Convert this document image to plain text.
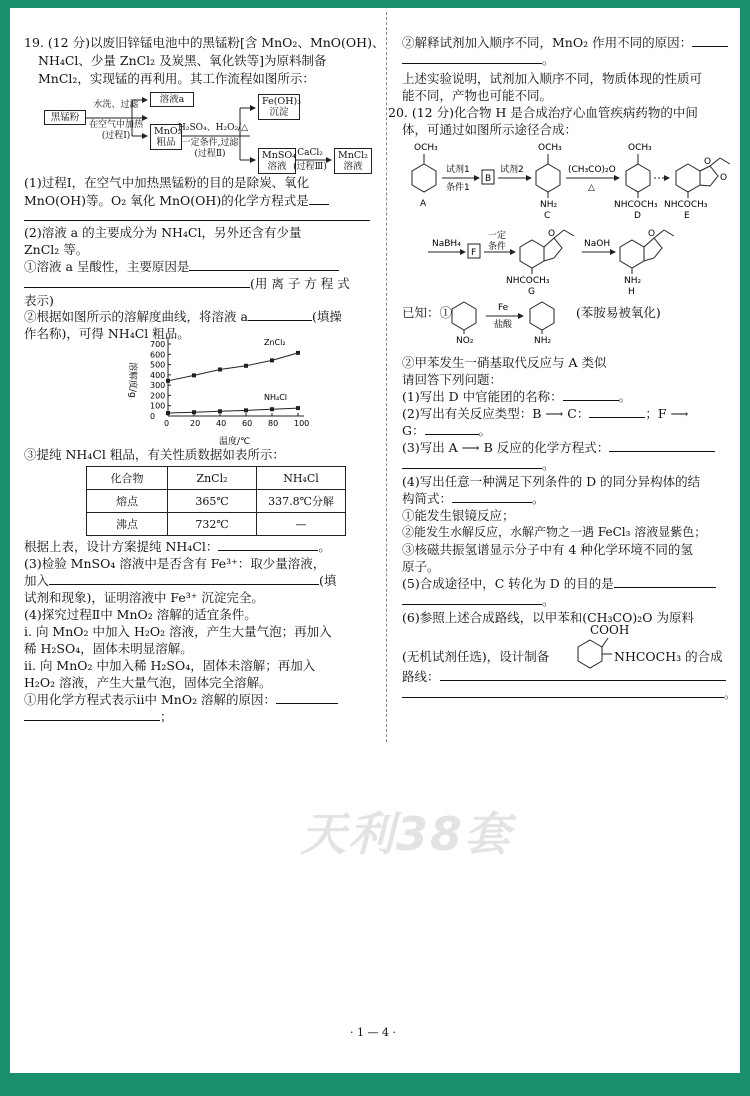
19. (12 分)以废旧锌锰电池中的黑锰粉[含 MnO₂、MnO(OH)、
NH₄Cl、少量 ZnCl₂ 及炭黑、氧化铁等]为原料制备
MnCl₂，实现锰的再利用。其工作流程如图所示：
黑锰粉
水洗、过滤
在空气中加热
(过程Ⅰ)
溶液a
MnO₂
粗品
H₂SO₄、H₂O₂/△
一定条件,过滤
(过程Ⅱ)
Fe(OH)₃
沉淀
MnSO₄
溶液
CaCl₂
(过程Ⅲ)
MnCl₂
溶液
(1)过程Ⅰ，在空气中加热黑锰粉的目的是除炭、氧化
MnO(OH)等。O₂ 氧化 MnO(OH)的化学方程式是
(2)溶液 a 的主要成分为 NH₄Cl，另外还含有少量
ZnCl₂ 等。
①溶液 a 呈酸性，主要原因是
(用 离 子 方 程 式
表示)
②根据如图所示的溶解度曲线，将溶液 a	(填操
作名称)，可得 NH₄Cl 粗品。
0	20 40 60 80 100
0
100
200
300
400
500
600
700	ZnCl₂
NH₄Cl
溶解度/g
温度/℃
③提纯 NH₄Cl 粗品，有关性质数据如表所示：
化合物	ZnCl₂	NH₄Cl
熔点	365℃	337.8℃分解
沸点	732℃	—
根据上表，设计方案提纯 NH₄Cl：	。
(3)检验 MnSO₄ 溶液中是否含有 Fe³⁺：取少量溶液，
加入	(填
试剂和现象)，证明溶液中 Fe³⁺ 沉淀完全。
(4)探究过程Ⅱ中 MnO₂ 溶解的适宜条件。
ⅰ. 向 MnO₂ 中加入 H₂O₂ 溶液，产生大量气泡；再加入
稀 H₂SO₄，固体未明显溶解。
ⅱ. 向 MnO₂ 中加入稀 H₂SO₄，固体未溶解；再加入
H₂O₂ 溶液，产生大量气泡，固体完全溶解。
①用化学方程式表示ⅱ中 MnO₂ 溶解的原因：
；
②解释试剂加入顺序不同，MnO₂ 作用不同的原因：
。
上述实验说明，试剂加入顺序不同，物质体现的性质可
能不同，产物也可能不同。
20. (12 分)化合物 H 是合成治疗心血管疾病药物的中间
体，可通过如图所示途径合成：
OCH₃
A
试剂1
条件1
B
试剂2
OCH₃
NH₂
C
(CH₃CO)₂O
△
OCH₃
NHCOCH₃
D
O
O
NHCOCH₃
E
NaBH₄
F
一定
条件
O
NHCOCH₃
G
NaOH
O
NH₂
H
已知：①
NO₂
Fe
盐酸
NH₂
(苯胺易被氧化)
②甲苯发生一硝基取代反应与 A 类似
请回答下列问题：
(1)写出 D 中官能团的名称：	。
(2)写出有关反应类型：B ⟶ C：	；F ⟶
G：	。
(3)写出 A ⟶ B 反应的化学方程式：
。
(4)写出任意一种满足下列条件的 D 的同分异构体的结
构简式：	。
①能发生银镜反应；
②能发生水解反应，水解产物之一遇 FeCl₃ 溶液显紫色；
③核磁共振氢谱显示分子中有 4 种化学环境不同的氢
原子。
(5)合成途径中，C 转化为 D 的目的是
。
(6)参照上述合成路线，以甲苯和(CH₃CO)₂O 为原料
COOH
(无机试剂任选)，设计制备	NHCOCH₃ 的合成
路线：
。
天利38套
· 1 — 4 ·
